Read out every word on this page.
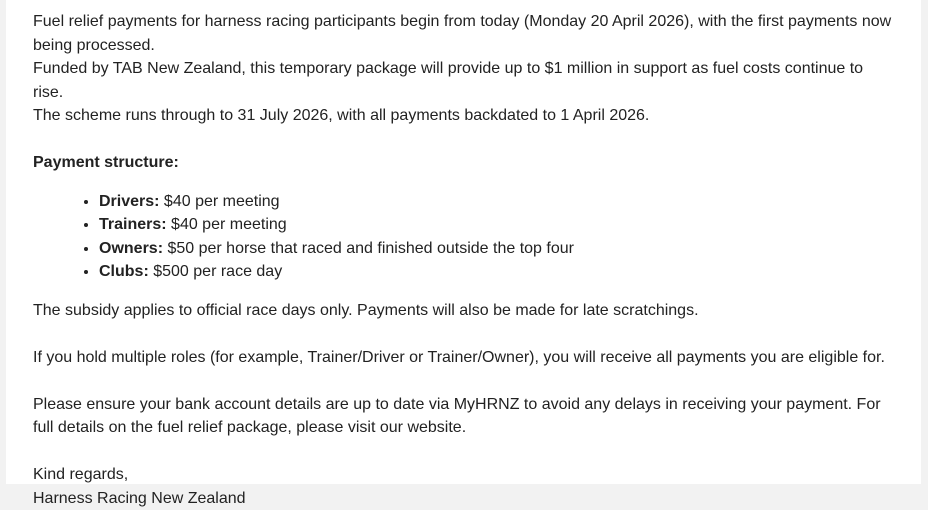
Fuel relief payments for harness racing participants begin from today (Monday 20 April 2026), with the first payments now being processed.
Funded by TAB New Zealand, this temporary package will provide up to $1 million in support as fuel costs continue to rise.
The scheme runs through to 31 July 2026, with all payments backdated to 1 April 2026.

Payment structure:

• Drivers: $40 per meeting
• Trainers: $40 per meeting
• Owners: $50 per horse that raced and finished outside the top four
• Clubs: $500 per race day

The subsidy applies to official race days only. Payments will also be made for late scratchings.

If you hold multiple roles (for example, Trainer/Driver or Trainer/Owner), you will receive all payments you are eligible for.

Please ensure your bank account details are up to date via MyHRNZ to avoid any delays in receiving your payment. For full details on the fuel relief package, please visit our website.

Kind regards,
Harness Racing New Zealand
